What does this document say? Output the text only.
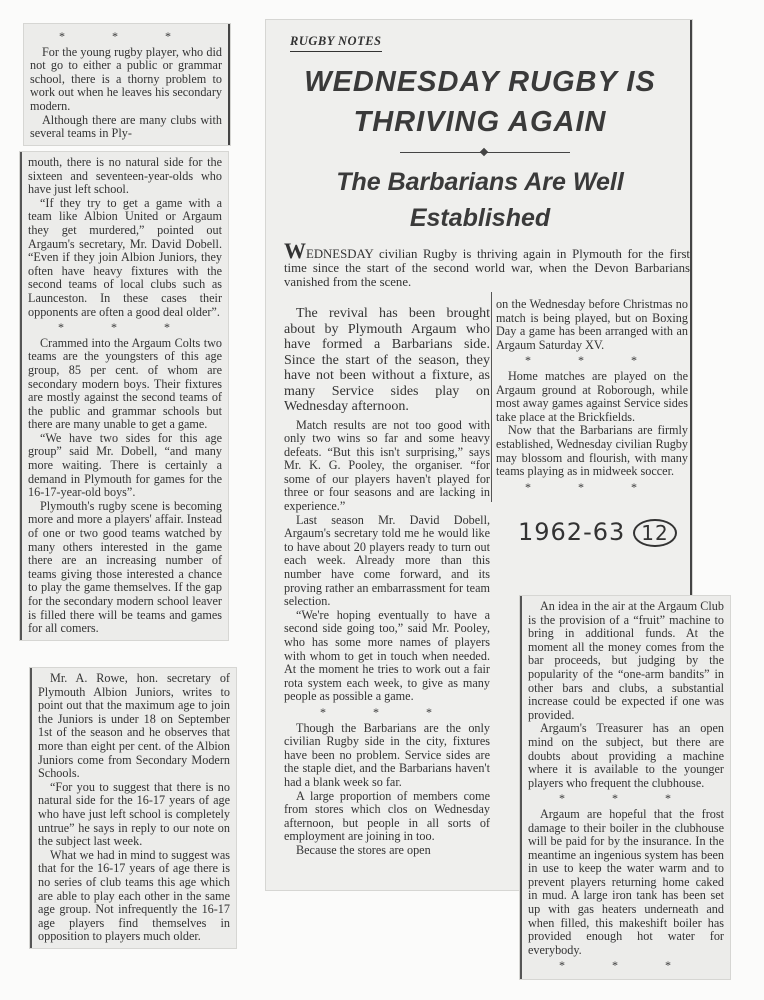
* * *

For the young rugby player, who did not go to either a public or grammar school, there is a thorny problem to work out when he leaves his secondary modern.

Although there are many clubs with several teams in Ply-

mouth, there is no natural side for the sixteen and seventeen-year-olds who have just left school.

“If they try to get a game with a team like Albion United or Argaum they get murdered,” pointed out Argaum's secretary, Mr. David Dobell. “Even if they join Albion Juniors, they often have heavy fixtures with the second teams of local clubs such as Launceston. In these cases their opponents are often a good deal older”.

* * *

Crammed into the Argaum Colts two teams are the youngsters of this age group, 85 per cent. of whom are secondary modern boys. Their fixtures are mostly against the second teams of the public and grammar schools but there are many unable to get a game.

“We have two sides for this age group” said Mr. Dobell, “and many more waiting. There is certainly a demand in Plymouth for games for the 16-17-year-old boys”.

Plymouth's rugby scene is becoming more and more a players' affair. Instead of one or two good teams watched by many others interested in the game there are an increasing number of teams giving those interested a chance to play the game themselves. If the gap for the secondary modern school leaver is filled there will be teams and games for all comers.

Mr. A. Rowe, hon. secretary of Plymouth Albion Juniors, writes to point out that the maximum age to join the Juniors is under 18 on September 1st of the season and he observes that more than eight per cent. of the Albion Juniors come from Secondary Modern Schools.

“For you to suggest that there is no natural side for the 16-17 years of age who have just left school is completely untrue” he says in reply to our note on the subject last week.

What we had in mind to suggest was that for the 16-17 years of age there is no series of club teams this age which are able to play each other in the same age group. Not infrequently the 16-17 age players find themselves in opposition to players much older.

RUGBY NOTES
WEDNESDAY RUGBY IS THRIVING AGAIN
The Barbarians Are Well Established
WEDNESDAY civilian Rugby is thriving again in Plymouth for the first time since the start of the second world war, when the Devon Barbarians vanished from the scene.

The revival has been brought about by Plymouth Argaum who have formed a Barbarians side. Since the start of the season, they have not been without a fixture, as many Service sides play on Wednesday afternoon.

Match results are not too good with only two wins so far and some heavy defeats. “But this isn't surprising,” says Mr. K. G. Pooley, the organiser. “for some of our players haven't played for three or four seasons and are lacking in experience.”

Last season Mr. David Dobell, Argaum's secretary told me he would like to have about 20 players ready to turn out each week. Already more than this number have come forward, and its proving rather an embarrassment for team selection.

“We're hoping eventually to have a second side going too,” said Mr. Pooley, who has some more names of players with whom to get in touch when needed. At the moment he tries to work out a fair rota system each week, to give as many people as possible a game.

* * *

Though the Barbarians are the only civilian Rugby side in the city, fixtures have been no problem. Service sides are the staple diet, and the Barbarians haven't had a blank week so far.

A large proportion of members come from stores which clos on Wednesday afternoon, but people in all sorts of employment are joining in too.

Because the stores are open

on the Wednesday before Christmas no match is being played, but on Boxing Day a game has been arranged with an Argaum Saturday XV.

* * *

Home matches are played on the Argaum ground at Roborough, while most away games against Service sides take place at the Brickfields.

Now that the Barbarians are firmly established, Wednesday civilian Rugby may blossom and flourish, with many teams playing as in midweek soccer.

* * *
1962-63 12

An idea in the air at the Argaum Club is the provision of a “fruit” machine to bring in additional funds. At the moment all the money comes from the bar proceeds, but judging by the popularity of the “one-arm bandits” in other bars and clubs, a substantial increase could be expected if one was provided.

Argaum's Treasurer has an open mind on the subject, but there are doubts about providing a machine where it is available to the younger players who frequent the clubhouse.

* * *

Argaum are hopeful that the frost damage to their boiler in the clubhouse will be paid for by the insurance. In the meantime an ingenious system has been in use to keep the water warm and to prevent players returning home caked in mud. A large iron tank has been set up with gas heaters underneath and when filled, this makeshift boiler has provided enough hot water for everybody.

* * *
